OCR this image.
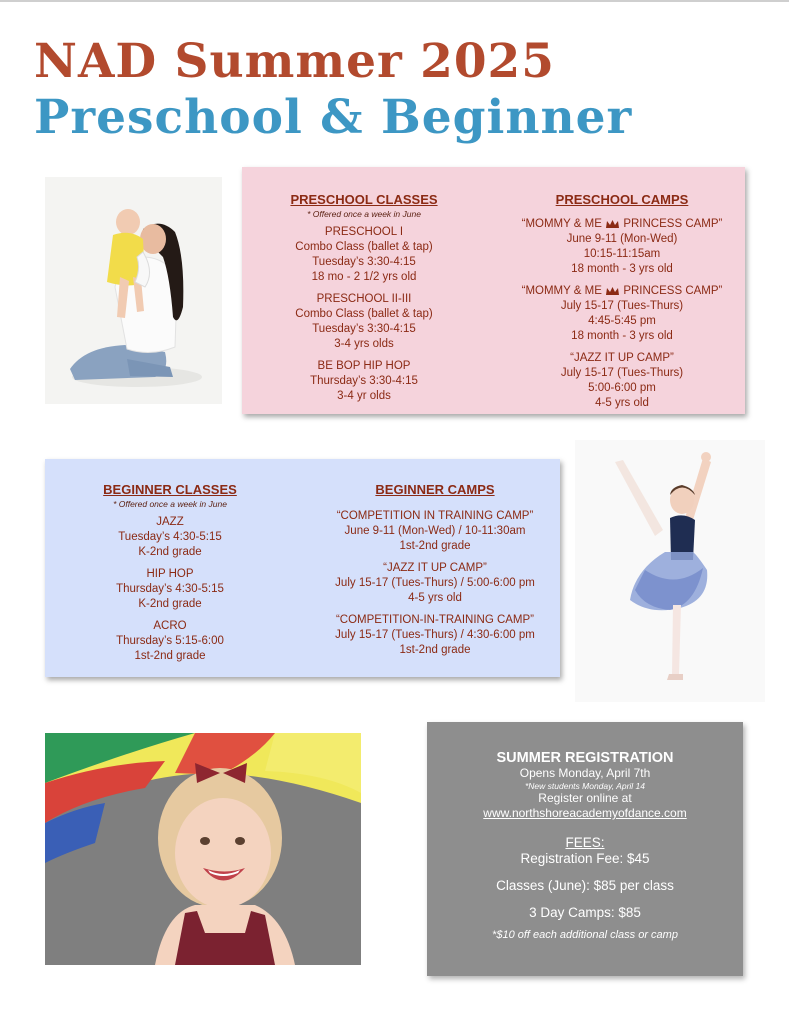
NAD Summer 2025
Preschool & Beginner
PRESCHOOL CLASSES
* Offered once a week in June
PRESCHOOL I
Combo Class (ballet & tap)
Tuesday’s 3:30-4:15
18 mo - 2 1/2 yrs old
PRESCHOOL II-III
Combo Class (ballet & tap)
Tuesday’s 3:30-4:15
3-4 yrs olds
BE BOP HIP HOP
Thursday’s 3:30-4:15
3-4 yr olds
PRESCHOOL CAMPS
“MOMMY & ME PRINCESS CAMP”
June 9-11 (Mon-Wed)
10:15-11:15am
18 month - 3 yrs old
“MOMMY & ME PRINCESS CAMP”
July 15-17 (Tues-Thurs)
4:45-5:45 pm
18 month - 3 yrs old
“JAZZ IT UP CAMP”
July 15-17 (Tues-Thurs)
5:00-6:00 pm
4-5 yrs old
BEGINNER CLASSES
* Offered once a week in June
JAZZ
Tuesday’s 4:30-5:15
K-2nd grade
HIP HOP
Thursday’s 4:30-5:15
K-2nd grade
ACRO
Thursday’s 5:15-6:00
1st-2nd grade
BEGINNER CAMPS
“COMPETITION IN TRAINING CAMP”
June 9-11 (Mon-Wed) / 10-11:30am
1st-2nd grade
“JAZZ IT UP CAMP”
July 15-17 (Tues-Thurs) / 5:00-6:00 pm
4-5 yrs old
“COMPETITION-IN-TRAINING CAMP”
July 15-17 (Tues-Thurs) / 4:30-6:00 pm
1st-2nd grade
SUMMER REGISTRATION
Opens Monday, April 7th
*New students Monday, April 14
Register online at
www.northshoreacademyofdance.com
FEES:
Registration Fee: $45
Classes (June): $85 per class
3 Day Camps: $85
*$10 off each additional class or camp
